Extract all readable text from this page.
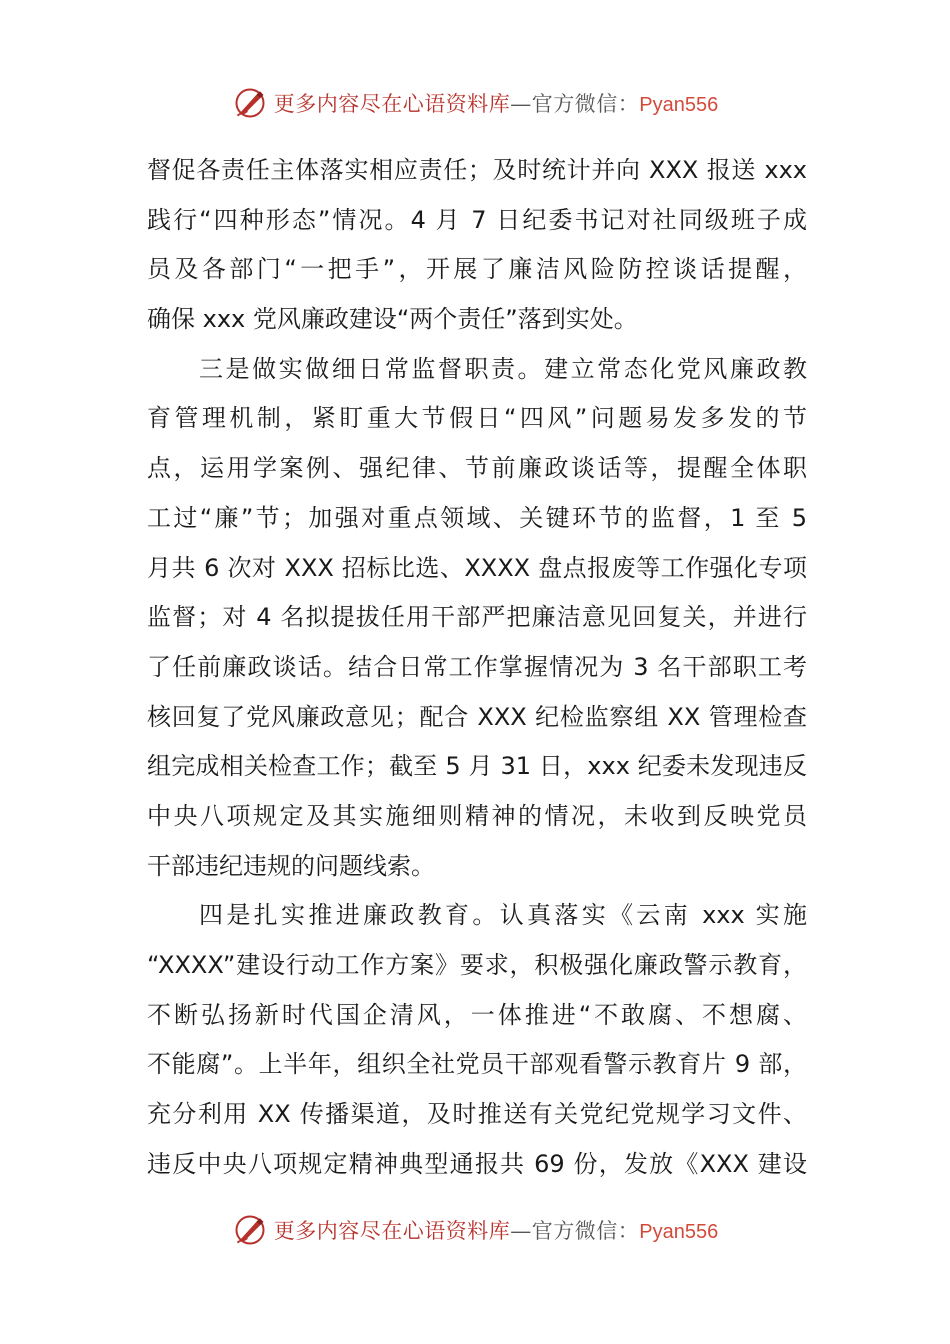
更多内容尽在心语资料库—官方微信：Pyan556
督促各责任主体落实相应责任；及时统计并向 XXX 报送 xxx
践行“四种形态”情况。4 月 7 日纪委书记对社同级班子成
员及各部门“一把手”，开展了廉洁风险防控谈话提醒，
确保 xxx 党风廉政建设“两个责任”落到实处。
三是做实做细日常监督职责。建立常态化党风廉政教
育管理机制，紧盯重大节假日“四风”问题易发多发的节
点，运用学案例、强纪律、节前廉政谈话等，提醒全体职
工过“廉”节；加强对重点领域、关键环节的监督，1 至 5
月共 6 次对 XXX 招标比选、XXXX 盘点报废等工作强化专项
监督；对 4 名拟提拔任用干部严把廉洁意见回复关，并进行
了任前廉政谈话。结合日常工作掌握情况为 3 名干部职工考
核回复了党风廉政意见；配合 XXX 纪检监察组 XX 管理检查
组完成相关检查工作；截至 5 月 31 日，xxx 纪委未发现违反
中央八项规定及其实施细则精神的情况，未收到反映党员
干部违纪违规的问题线索。
四是扎实推进廉政教育。认真落实《云南 xxx 实施
“XXXX”建设行动工作方案》要求，积极强化廉政警示教育，
不断弘扬新时代国企清风，一体推进“不敢腐、不想腐、
不能腐”。上半年，组织全社党员干部观看警示教育片 9 部，
充分利用 XX 传播渠道，及时推送有关党纪党规学习文件、
违反中央八项规定精神典型通报共 69 份，发放《XXX 建设
更多内容尽在心语资料库—官方微信：Pyan556
